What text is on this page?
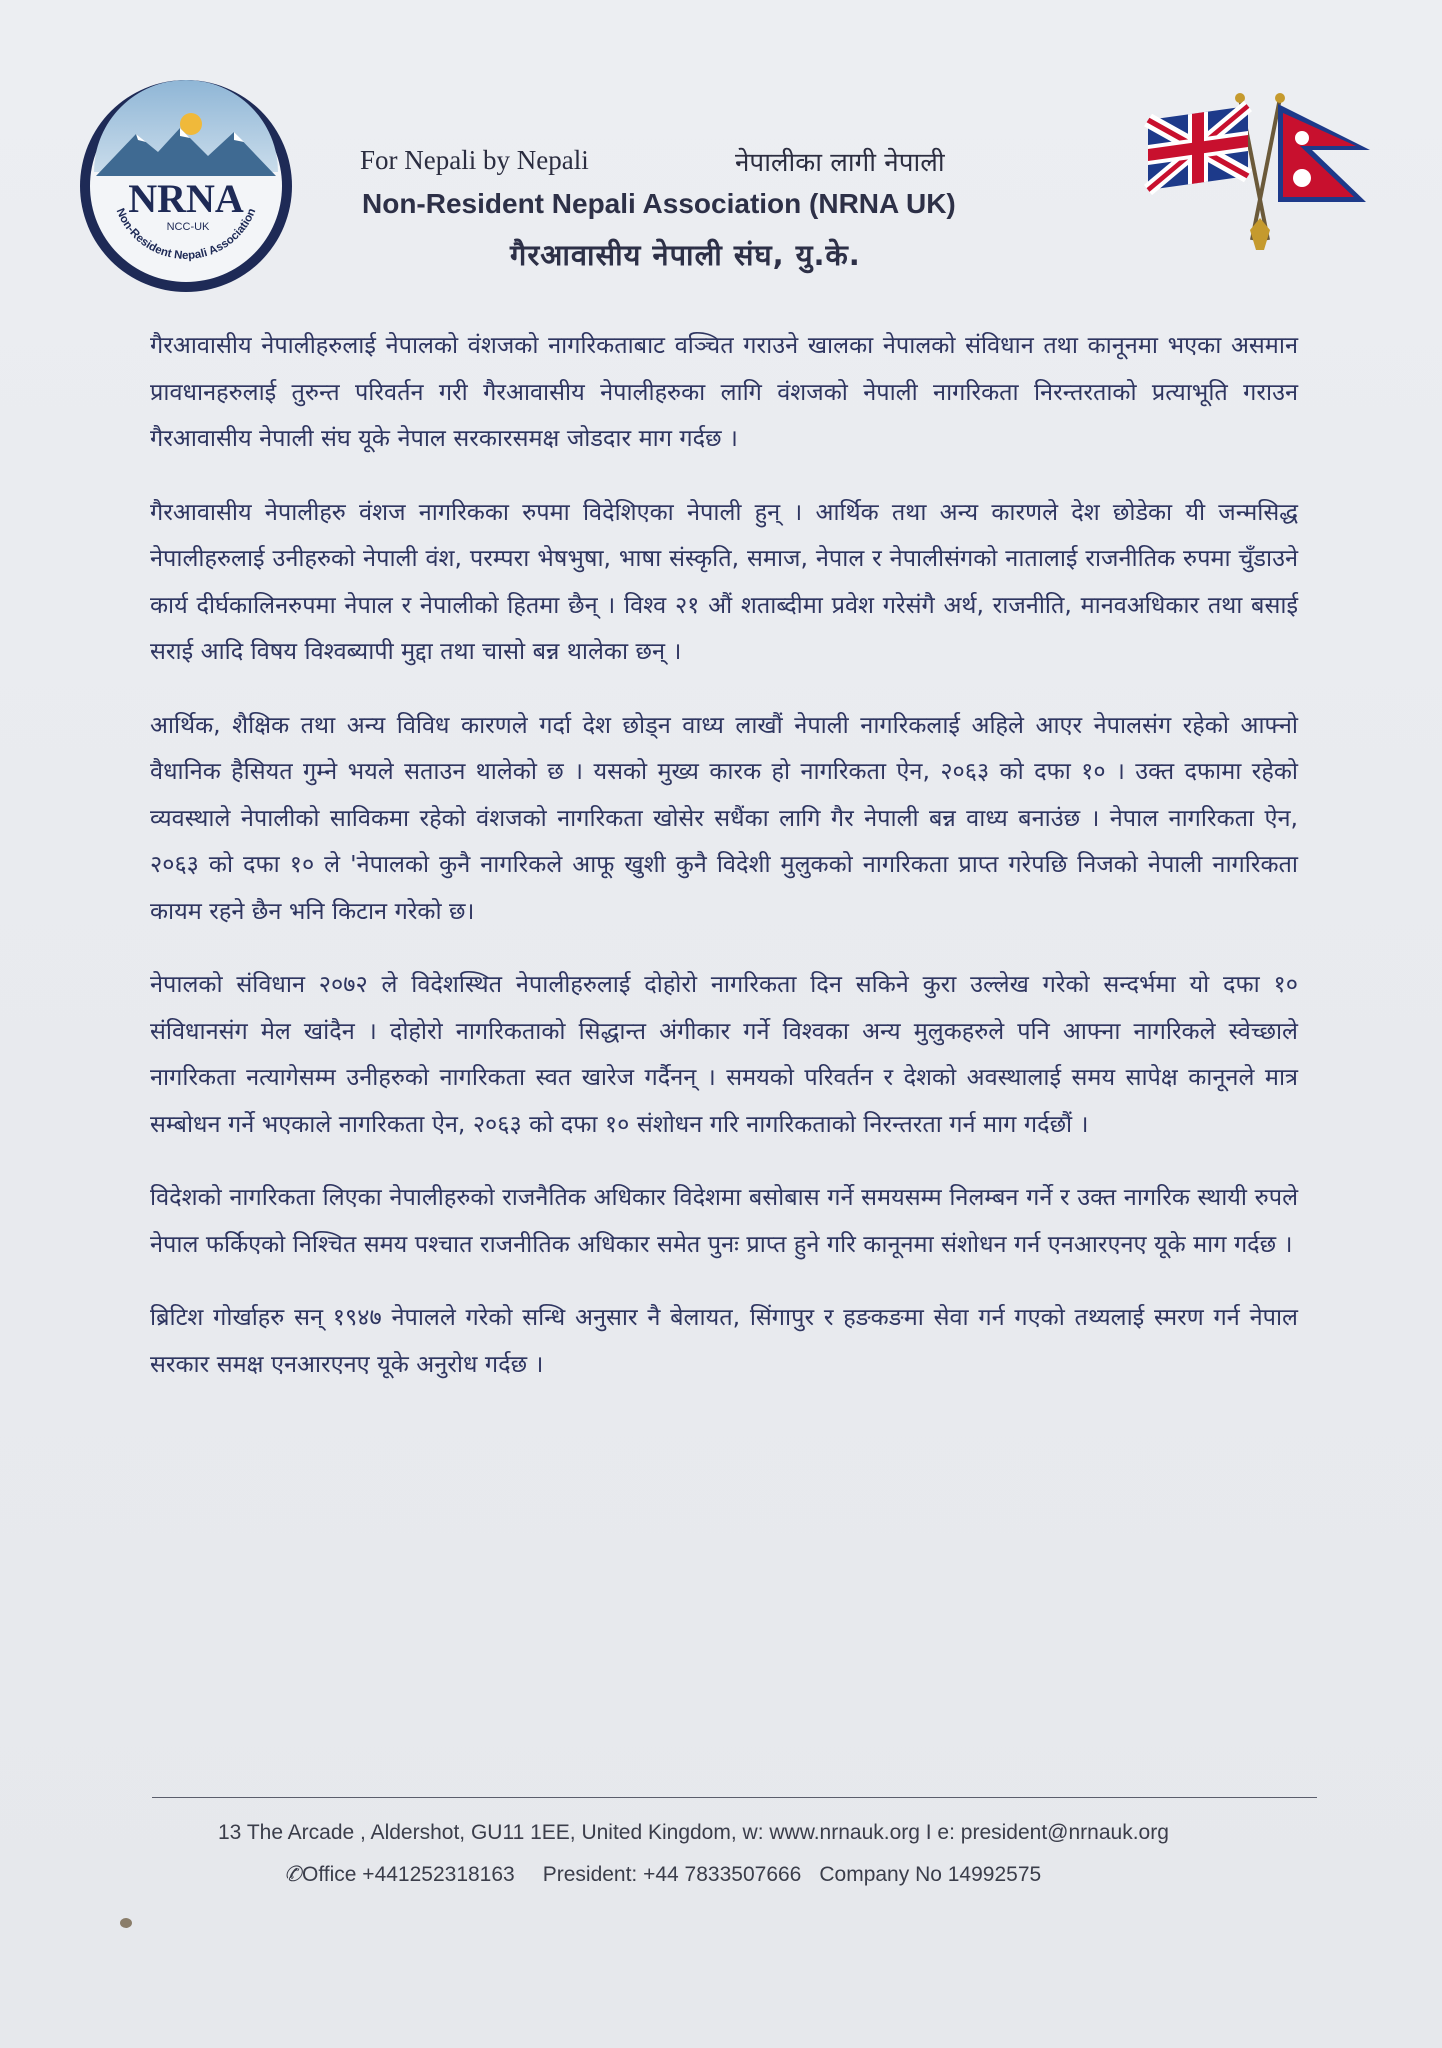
NRNA
NCC-UK
Non-Resident Nepali Association
For Nepali by Nepali	नेपालीका लागी नेपाली
Non-Resident Nepali Association (NRNA UK)
गैरआवासीय नेपाली संघ, यु.के.

गैरआवासीय नेपालीहरुलाई नेपालको वंशजको नागरिकताबाट वञ्चित गराउने खालका नेपालको संविधान तथा कानूनमा भएका असमान प्रावधानहरुलाई तुरुन्त परिवर्तन गरी गैरआवासीय नेपालीहरुका लागि वंशजको नेपाली नागरिकता निरन्तरताको प्रत्याभूति गराउन गैरआवासीय नेपाली संघ यूके नेपाल सरकारसमक्ष जोडदार माग गर्दछ ।

गैरआवासीय नेपालीहरु वंशज नागरिकका रुपमा विदेशिएका नेपाली हुन् । आर्थिक तथा अन्य कारणले देश छोडेका यी जन्मसिद्ध नेपालीहरुलाई उनीहरुको नेपाली वंश, परम्परा भेषभुषा, भाषा संस्कृति, समाज, नेपाल र नेपालीसंगको नातालाई राजनीतिक रुपमा चुँडाउने कार्य दीर्घकालिनरुपमा नेपाल र नेपालीको हितमा छैन् । विश्व २१ औं शताब्दीमा प्रवेश गरेसंगै अर्थ, राजनीति, मानवअधिकार तथा बसाई सराई आदि विषय विश्वब्यापी मुद्दा तथा चासो बन्न थालेका छन् ।

आर्थिक, शैक्षिक तथा अन्य विविध कारणले गर्दा देश छोड्न वाध्य लाखौं नेपाली नागरिकलाई अहिले आएर नेपालसंग रहेको आफ्नो वैधानिक हैसियत गुम्ने भयले सताउन थालेको छ । यसको मुख्य कारक हो नागरिकता ऐन, २०६३ को दफा १० । उक्त दफामा रहेको व्यवस्थाले नेपालीको साविकमा रहेको वंशजको नागरिकता खोसेर सधैंका लागि गैर नेपाली बन्न वाध्य बनाउंछ । नेपाल नागरिकता ऐन, २०६३ को दफा १० ले 'नेपालको कुनै नागरिकले आफू खुशी कुनै विदेशी मुलुकको नागरिकता प्राप्त गरेपछि निजको नेपाली नागरिकता कायम रहने छैन भनि किटान गरेको छ।

नेपालको संविधान २०७२ ले विदेशस्थित नेपालीहरुलाई दोहोरो नागरिकता दिन सकिने कुरा उल्लेख गरेको सन्दर्भमा यो दफा १० संविधानसंग मेल खांदैन । दोहोरो नागरिकताको सिद्धान्त अंगीकार गर्ने विश्वका अन्य मुलुकहरुले पनि आफ्ना नागरिकले स्वेच्छाले नागरिकता नत्यागेसम्म उनीहरुको नागरिकता स्वत खारेज गर्दैनन् । समयको परिवर्तन र देशको अवस्थालाई समय सापेक्ष कानूनले मात्र सम्बोधन गर्ने भएकाले नागरिकता ऐन, २०६३ को दफा १० संशोधन गरि नागरिकताको निरन्तरता गर्न माग गर्दछौं ।

विदेशको नागरिकता लिएका नेपालीहरुको राजनैतिक अधिकार विदेशमा बसोबास गर्ने समयसम्म निलम्बन गर्ने र उक्त नागरिक स्थायी रुपले नेपाल फर्किएको निश्चित समय पश्चात राजनीतिक अधिकार समेत पुनः प्राप्त हुने गरि कानूनमा संशोधन गर्न एनआरएनए यूके माग गर्दछ ।

ब्रिटिश गोर्खाहरु सन् १९४७ नेपालले गरेको सन्धि अनुसार नै बेलायत, सिंगापुर र हङकङमा सेवा गर्न गएको तथ्यलाई स्मरण गर्न नेपाल सरकार समक्ष एनआरएनए यूके अनुरोध गर्दछ ।

13 The Arcade , Aldershot, GU11 1EE, United Kingdom, w: www.nrnauk.org I e: president@nrnauk.org
✆Office +441252318163 President: +44 7833507666 Company No 14992575
